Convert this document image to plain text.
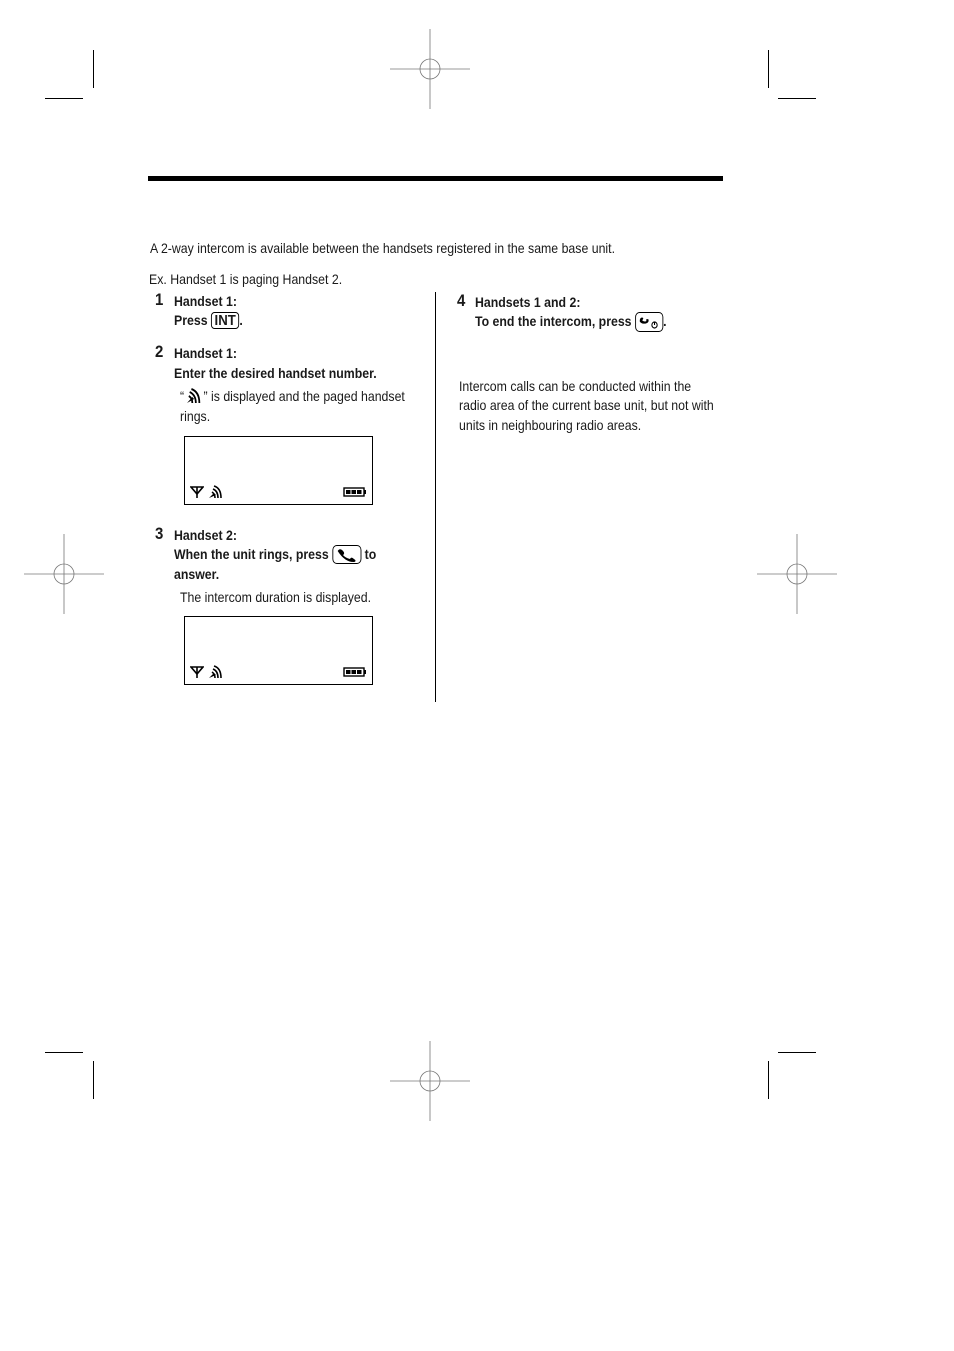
A 2-way intercom is available between the handsets registered in the same base unit.
Ex. Handset 1 is paging Handset 2.
1 Handset 1:
Press INT .
2 Handset 1:
Enter the desired handset number.
“ ” is displayed and the paged handset
rings.
3 Handset 2:
When the unit rings, press	to
answer.
The intercom duration is displayed.
4 Handsets 1 and 2:
To end the intercom, press .
Intercom calls can be conducted within the
radio area of the current base unit, but not with
units in neighbouring radio areas.
